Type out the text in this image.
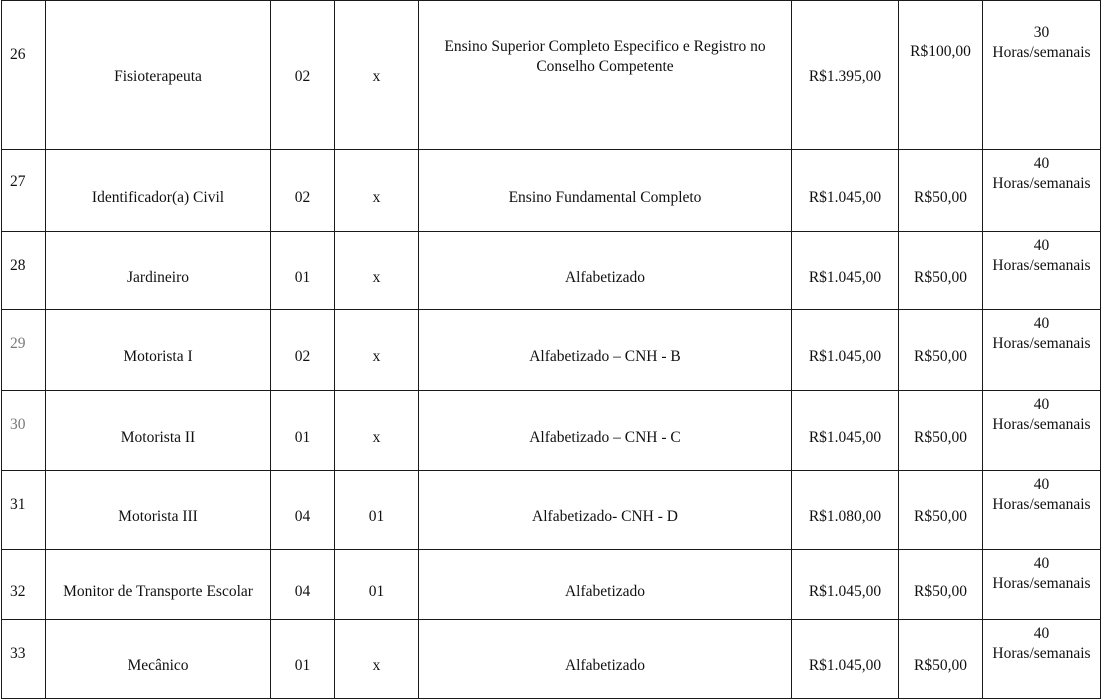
26	Fisioterapeuta	02	x	Ensino Superior Completo Especifico e Registro no Conselho Competente	R$1.395,00	R$100,00	30
Horas/semanais

27	Identificador(a) Civil	02	x	Ensino Fundamental Completo	R$1.045,00	R$50,00	40
Horas/semanais

28	Jardineiro	01	x	Alfabetizado	R$1.045,00	R$50,00	40
Horas/semanais

29	Motorista I	02	x	Alfabetizado – CNH - B	R$1.045,00	R$50,00	40
Horas/semanais

30	Motorista II	01	x	Alfabetizado – CNH - C	R$1.045,00	R$50,00	40
Horas/semanais

31	Motorista III	04	01	Alfabetizado- CNH - D	R$1.080,00	R$50,00	40
Horas/semanais

32	Monitor de Transporte Escolar	04	01	Alfabetizado	R$1.045,00	R$50,00	40
Horas/semanais

33	Mecânico	01	x	Alfabetizado	R$1.045,00	R$50,00	40
Horas/semanais
